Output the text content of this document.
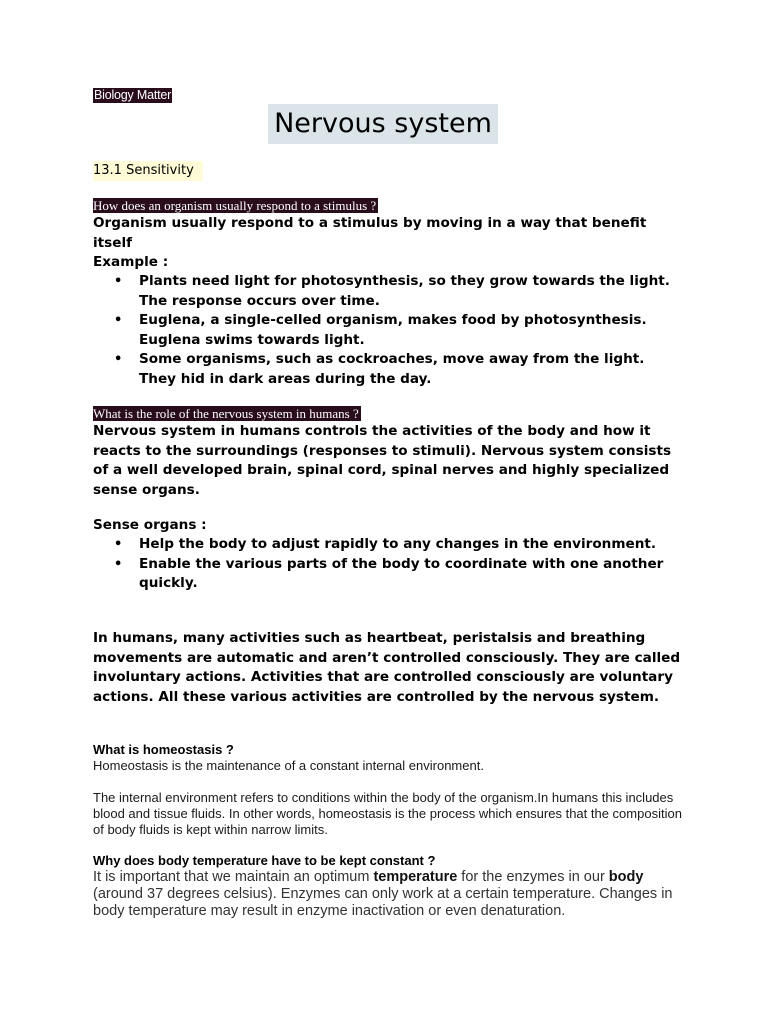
Biology Matter
Nervous system
13.1 Sensitivity
How does an organism usually respond to a stimulus ?

Organism usually respond to a stimulus by moving in a way that benefit itself

Example :

• Plants need light for photosynthesis, so they grow towards the light. The response occurs over time.
• Euglena, a single-celled organism, makes food by photosynthesis. Euglena swims towards light.
• Some organisms, such as cockroaches, move away from the light. They hid in dark areas during the day.
What is the role of the nervous system in humans ?

Nervous system in humans controls the activities of the body and how it reacts to the surroundings (responses to stimuli). Nervous system consists of a well developed brain, spinal cord, spinal nerves and highly specialized sense organs.

Sense organs :

• Help the body to adjust rapidly to any changes in the environment.
• Enable the various parts of the body to coordinate with one another quickly.

In humans, many activities such as heartbeat, peristalsis and breathing movements are automatic and aren’t controlled consciously. They are called involuntary actions. Activities that are controlled consciously are voluntary actions. All these various activities are controlled by the nervous system.

What is homeostasis ?

Homeostasis is the maintenance of a constant internal environment.

The internal environment refers to conditions within the body of the organism.In humans this includes blood and tissue fluids. In other words, homeostasis is the process which ensures that the composition of body fluids is kept within narrow limits.

Why does body temperature have to be kept constant ?

It is important that we maintain an optimum temperature for the enzymes in our body (around 37 degrees celsius). Enzymes can only work at a certain temperature. Changes in body temperature may result in enzyme inactivation or even denaturation.
